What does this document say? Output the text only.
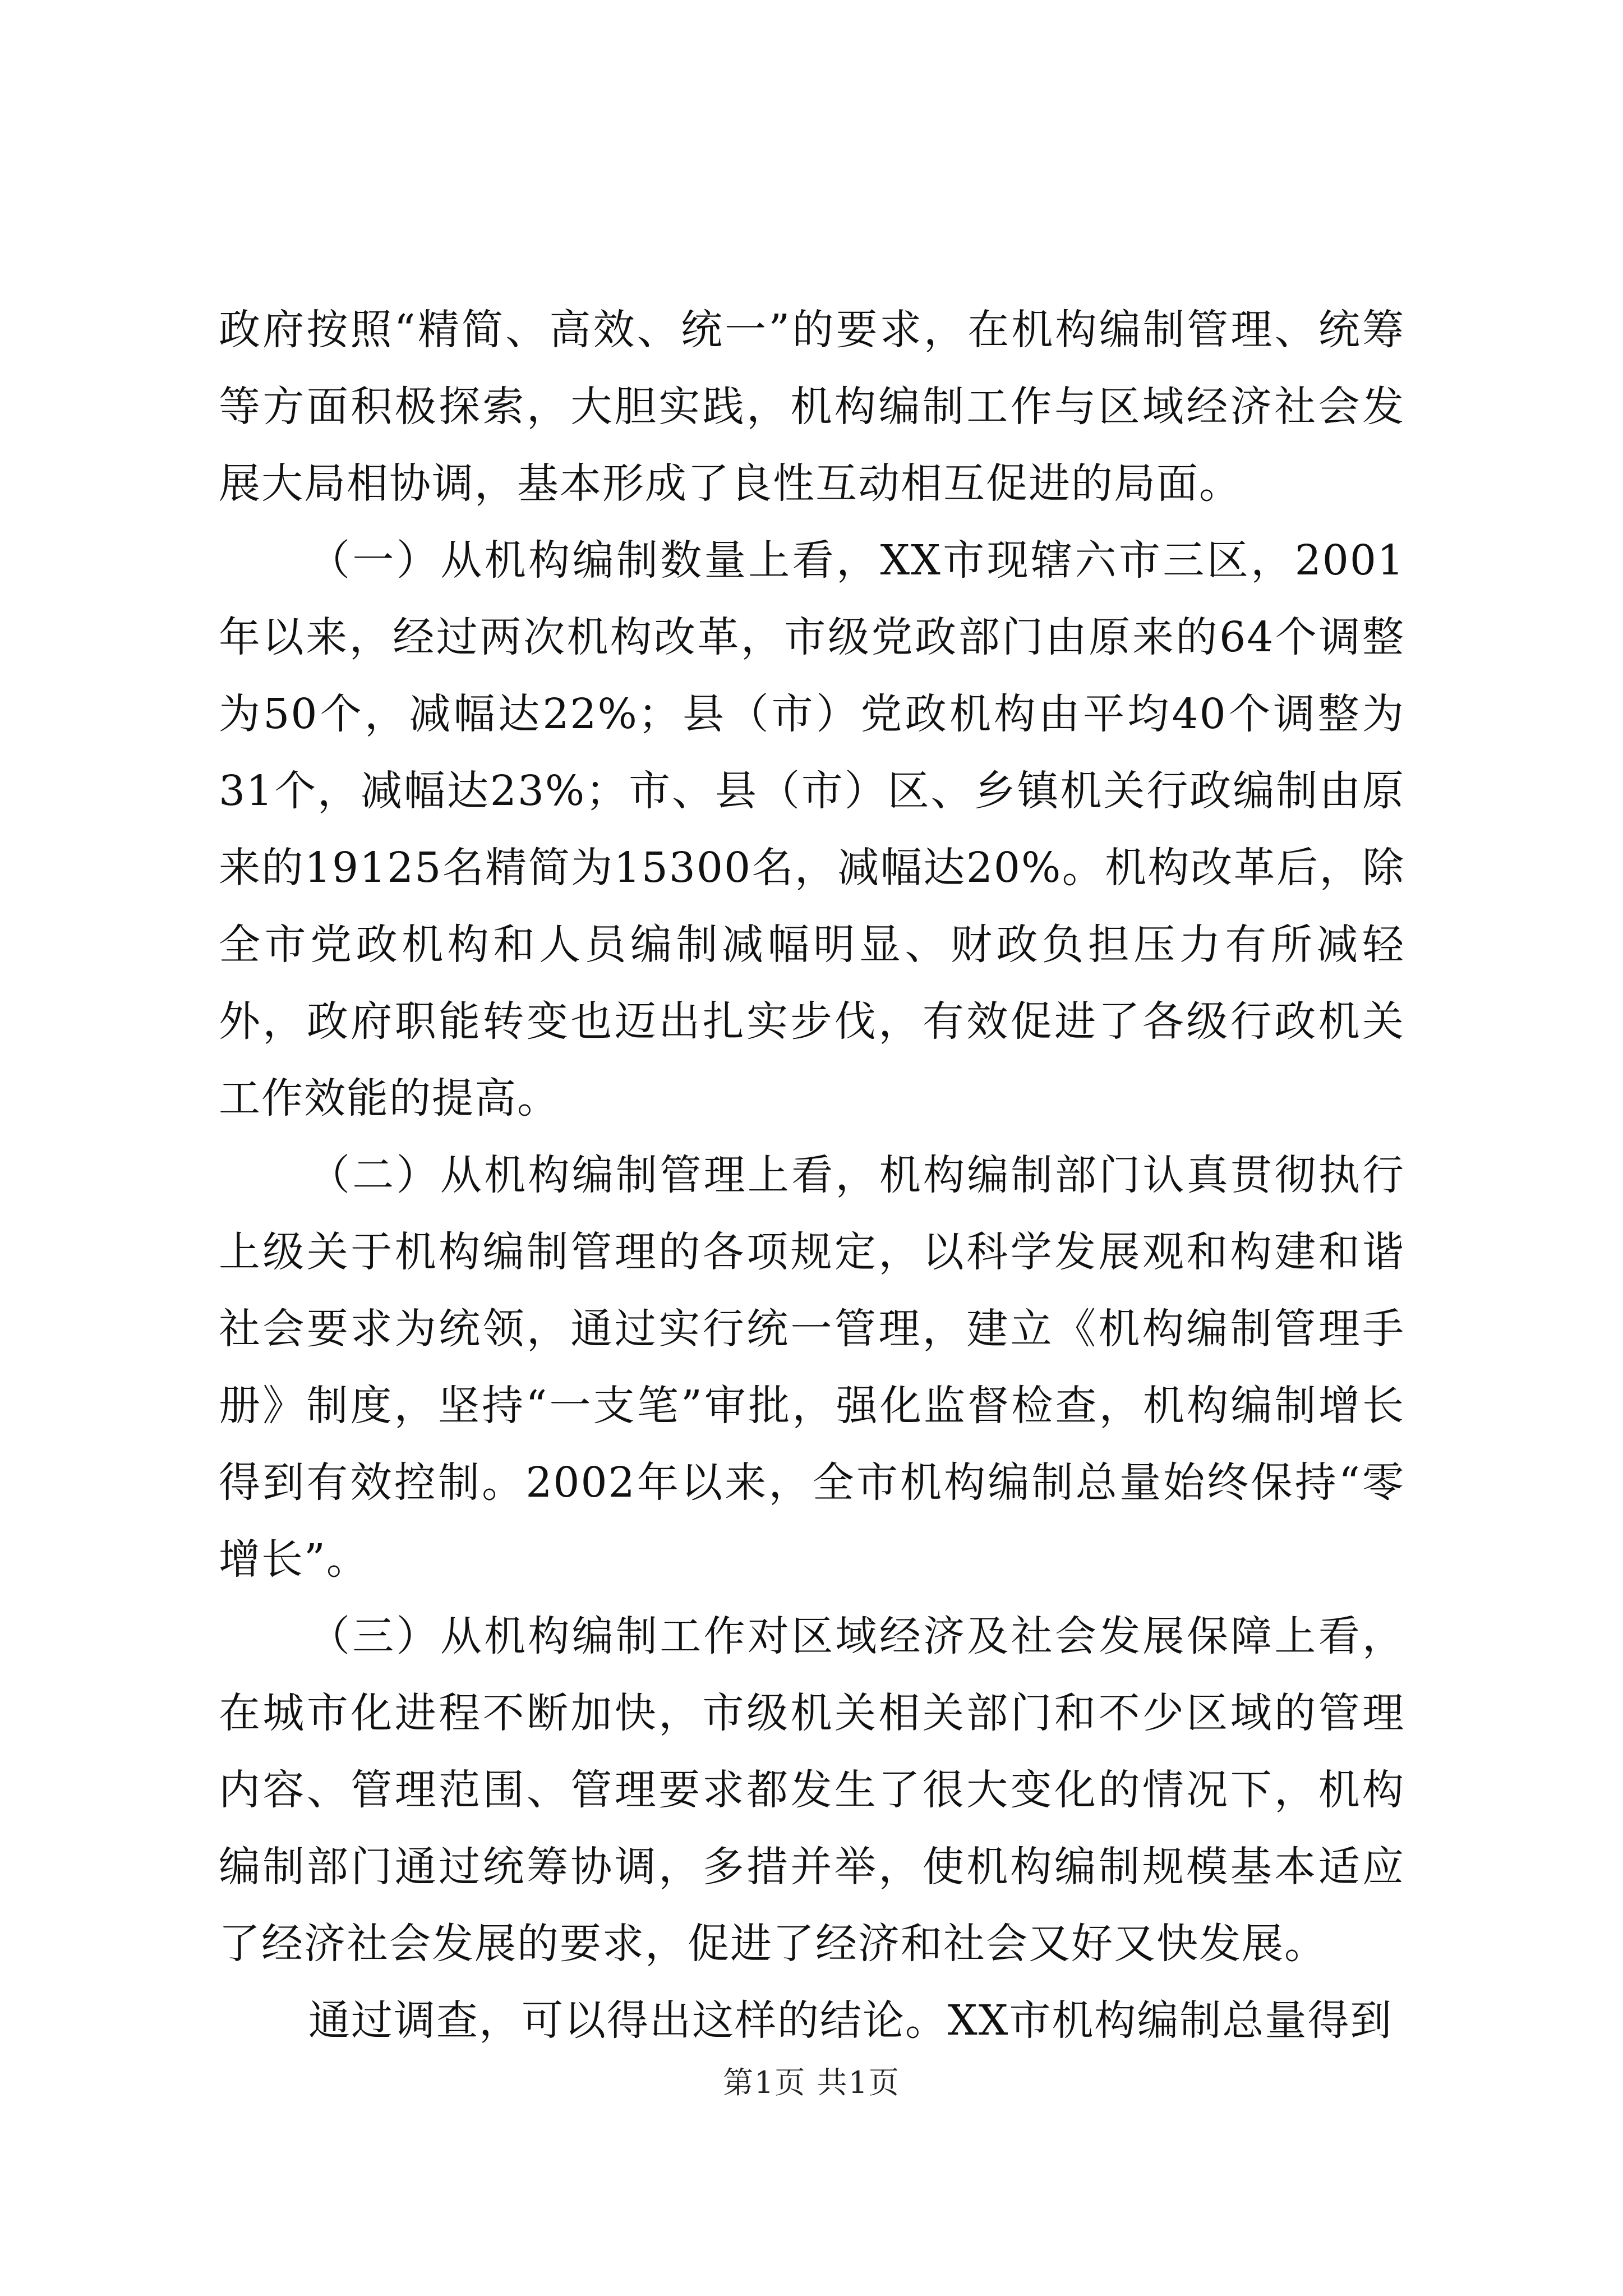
政府按照“精简、高效、统一”的要求，在机构编制管理、统筹等方面积极探索，大胆实践，机构编制工作与区域经济社会发展大局相协调，基本形成了良性互动相互促进的局面。

（一）从机构编制数量上看，XX市现辖六市三区，2001年以来，经过两次机构改革，市级党政部门由原来的64个调整为50个，减幅达22%；县（市）党政机构由平均40个调整为31个，减幅达23%；市、县（市）区、乡镇机关行政编制由原来的19125名精简为15300名，减幅达20%。机构改革后，除全市党政机构和人员编制减幅明显、财政负担压力有所减轻外，政府职能转变也迈出扎实步伐，有效促进了各级行政机关工作效能的提高。

（二）从机构编制管理上看，机构编制部门认真贯彻执行上级关于机构编制管理的各项规定，以科学发展观和构建和谐社会要求为统领，通过实行统一管理，建立《机构编制管理手册》制度，坚持“一支笔”审批，强化监督检查，机构编制增长得到有效控制。2002年以来，全市机构编制总量始终保持“零增长”。

（三）从机构编制工作对区域经济及社会发展保障上看，在城市化进程不断加快，市级机关相关部门和不少区域的管理内容、管理范围、管理要求都发生了很大变化的情况下，机构编制部门通过统筹协调，多措并举，使机构编制规模基本适应了经济社会发展的要求，促进了经济和社会又好又快发展。

通过调查，可以得出这样的结论。XX市机构编制总量得到

第1页 共1页
